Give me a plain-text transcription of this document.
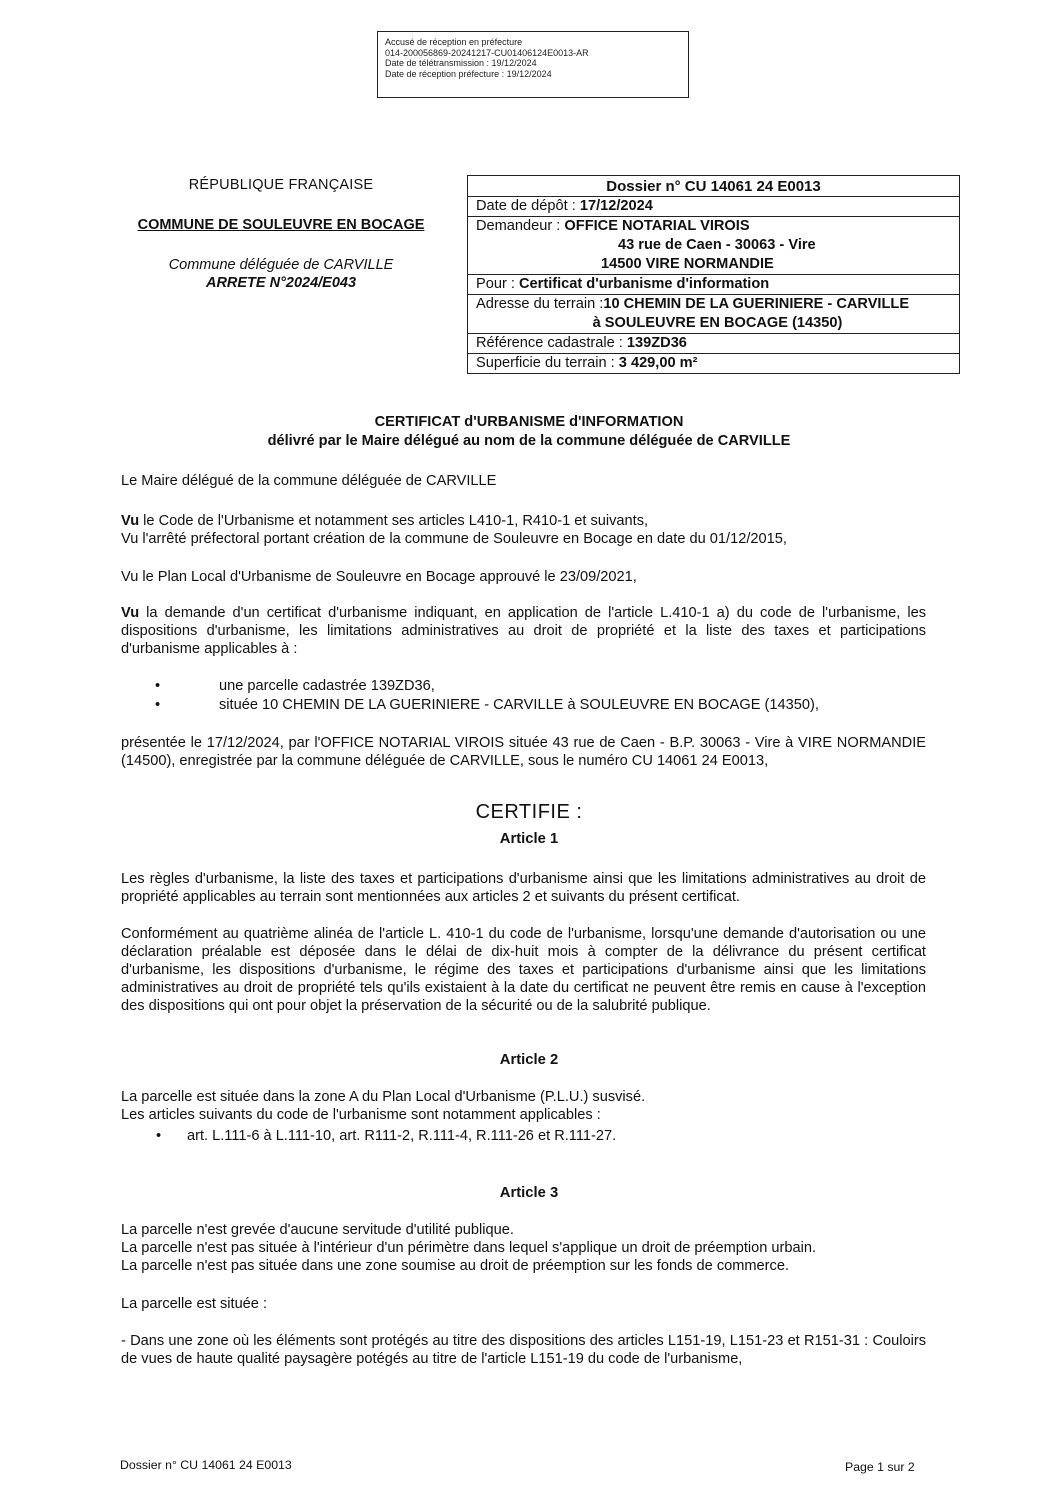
Accusé de réception en préfecture
014-200056869-20241217-CU01406124E0013-AR
Date de télétransmission : 19/12/2024
Date de réception préfecture : 19/12/2024
RÉPUBLIQUE FRANÇAISE
COMMUNE DE SOULEUVRE EN BOCAGE
Commune déléguée de CARVILLE
ARRETE N°2024/E043
Dossier n° CU 14061 24 E0013
Date de dépôt : 17/12/2024
Demandeur : OFFICE NOTARIAL VIROIS
43 rue de Caen - 30063 - Vire
14500 VIRE NORMANDIE
Pour : Certificat d'urbanisme d'information
Adresse du terrain :10 CHEMIN DE LA GUERINIERE - CARVILLE
à SOULEUVRE EN BOCAGE (14350)
Référence cadastrale : 139ZD36
Superficie du terrain : 3 429,00 m²
CERTIFICAT d'URBANISME d'INFORMATION
délivré par le Maire délégué au nom de la commune déléguée de CARVILLE
Le Maire délégué de la commune déléguée de CARVILLE
Vu le Code de l'Urbanisme et notamment ses articles L410-1, R410-1 et suivants,
Vu l'arrêté préfectoral portant création de la commune de Souleuvre en Bocage en date du 01/12/2015,
Vu le Plan Local d'Urbanisme de Souleuvre en Bocage approuvé le 23/09/2021,
Vu la demande d'un certificat d'urbanisme indiquant, en application de l'article L.410-1 a) du code de l'urbanisme, les dispositions d'urbanisme, les limitations administratives au droit de propriété et la liste des taxes et participations d'urbanisme applicables à :
•	une parcelle cadastrée 139ZD36,
•	située 10 CHEMIN DE LA GUERINIERE - CARVILLE à SOULEUVRE EN BOCAGE (14350),
présentée le 17/12/2024, par l'OFFICE NOTARIAL VIROIS située 43 rue de Caen - B.P. 30063 - Vire à VIRE NORMANDIE (14500), enregistrée par la commune déléguée de CARVILLE, sous le numéro CU 14061 24 E0013,
CERTIFIE :
Article 1
Les règles d'urbanisme, la liste des taxes et participations d'urbanisme ainsi que les limitations administratives au droit de propriété applicables au terrain sont mentionnées aux articles 2 et suivants du présent certificat.
Conformément au quatrième alinéa de l'article L. 410-1 du code de l'urbanisme, lorsqu'une demande d'autorisation ou une déclaration préalable est déposée dans le délai de dix-huit mois à compter de la délivrance du présent certificat d'urbanisme, les dispositions d'urbanisme, le régime des taxes et participations d'urbanisme ainsi que les limitations administratives au droit de propriété tels qu'ils existaient à la date du certificat ne peuvent être remis en cause à l'exception des dispositions qui ont pour objet la préservation de la sécurité ou de la salubrité publique.
Article 2
La parcelle est située dans la zone A du Plan Local d'Urbanisme (P.L.U.) susvisé.
Les articles suivants du code de l'urbanisme sont notamment applicables :
• art. L.111-6 à L.111-10, art. R111-2, R.111-4, R.111-26 et R.111-27.
Article 3
La parcelle n'est grevée d'aucune servitude d'utilité publique.
La parcelle n'est pas située à l'intérieur d'un périmètre dans lequel s'applique un droit de préemption urbain.
La parcelle n'est pas située dans une zone soumise au droit de préemption sur les fonds de commerce.
La parcelle est située :
- Dans une zone où les éléments sont protégés au titre des dispositions des articles L151-19, L151-23 et R151-31 : Couloirs de vues de haute qualité paysagère potégés au titre de l'article L151-19 du code de l'urbanisme,
Dossier n° CU 14061 24 E0013	Page 1 sur 2
